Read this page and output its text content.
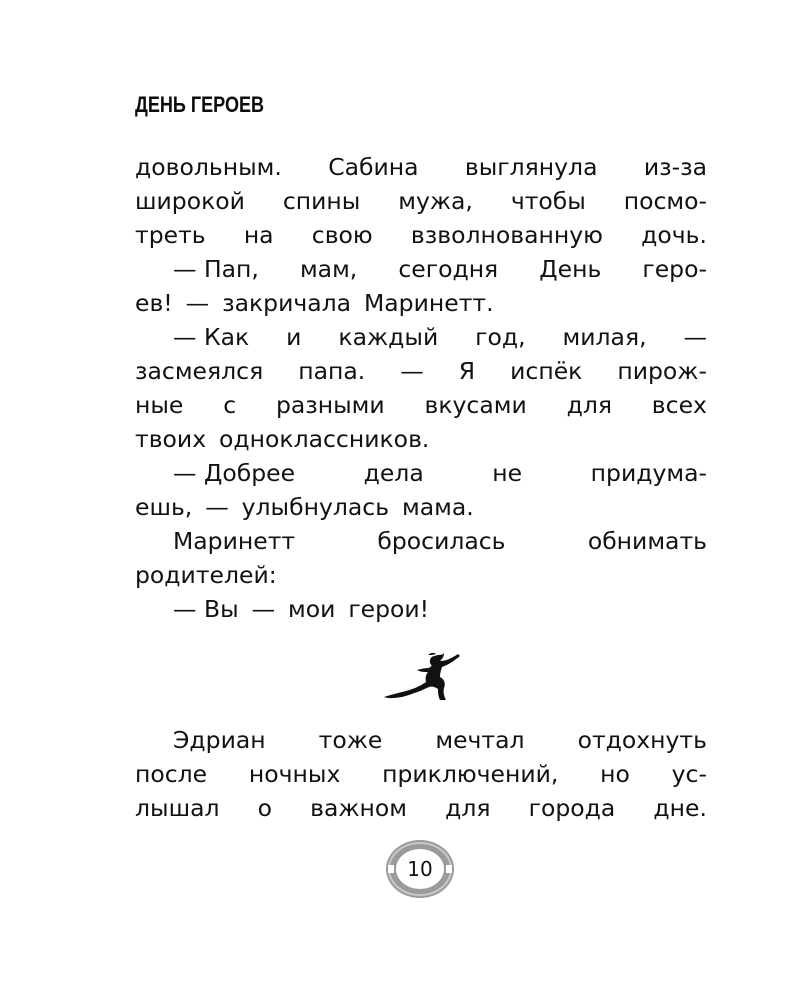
ДЕНЬ ГЕРОЕВ
довольным. Сабина выглянула из-за
широкой спины мужа, чтобы посмо-
треть на свою взволнованную дочь.
— Пап, мам, сегодня День геро-
ев! — закричала Маринетт.
— Как и каждый год, милая, —
засмеялся папа. — Я испёк пирож-
ные с разными вкусами для всех
твоих одноклассников.
— Добрее	дела	не	придума-
ешь, — улыбнулась мама.
Маринетт	бросилась	обнимать
родителей:
— Вы — мои герои!
Эдриан тоже мечтал отдохнуть
после ночных приключений, но ус-
лышал о важном для города дне.
10
